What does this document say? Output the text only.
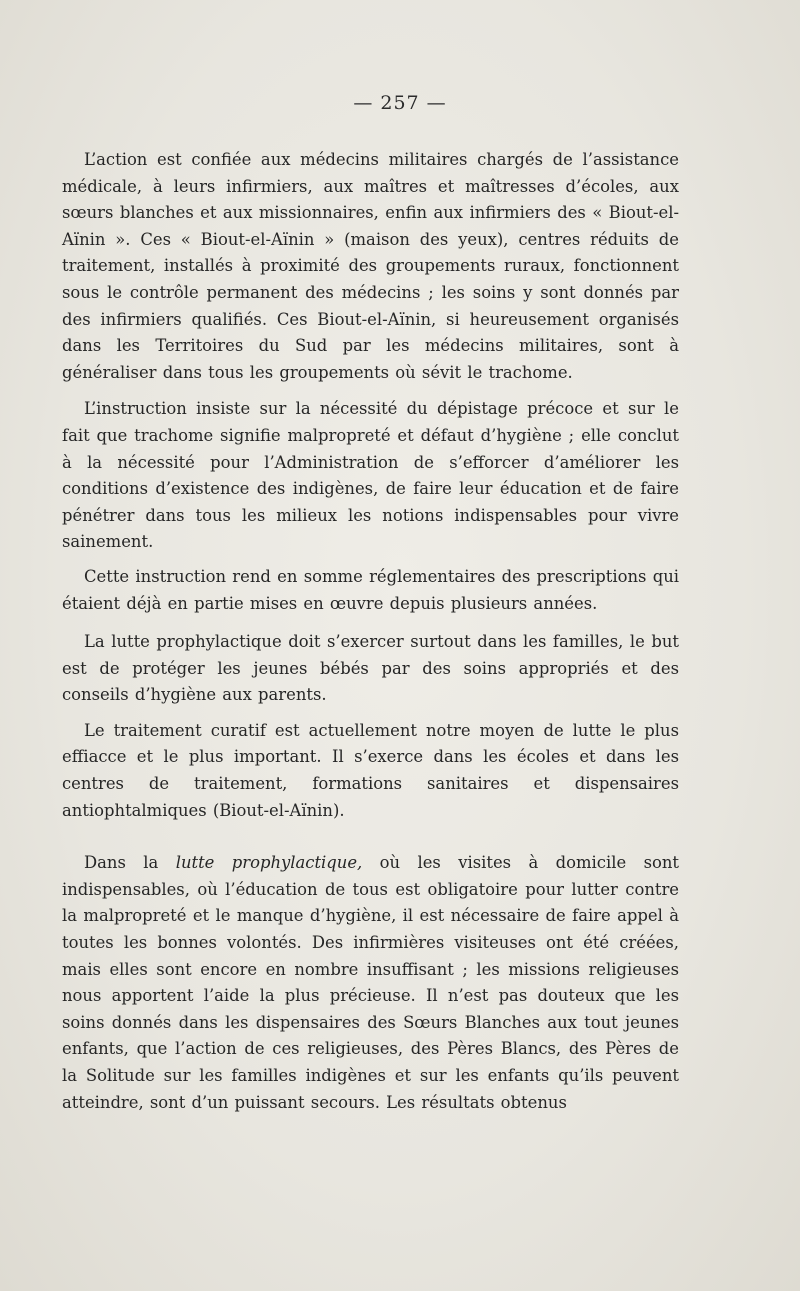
— 257 —

L’action est confiée aux médecins militaires chargés de l’assistance médicale, à leurs infirmiers, aux maîtres et maîtresses d’écoles, aux sœurs blanches et aux missionnaires, enfin aux infirmiers des « Biout-el-Aïnin ». Ces « Biout-el-Aïnin » (maison des yeux), centres réduits de traitement, installés à proximité des groupements ruraux, fonctionnent sous le contrôle permanent des médecins ; les soins y sont donnés par des infirmiers qualifiés. Ces Biout-el-Aïnin, si heureusement organisés dans les Territoires du Sud par les médecins militaires, sont à généraliser dans tous les groupements où sévit le trachome.

L’instruction insiste sur la nécessité du dépistage précoce et sur le fait que trachome signifie malpropreté et défaut d’hygiène ; elle conclut à la nécessité pour l’Administration de s’efforcer d’améliorer les conditions d’existence des indigènes, de faire leur éducation et de faire pénétrer dans tous les milieux les notions indispensables pour vivre sainement.

Cette instruction rend en somme réglementaires des prescriptions qui étaient déjà en partie mises en œuvre depuis plusieurs années.

La lutte prophylactique doit s’exercer surtout dans les familles, le but est de protéger les jeunes bébés par des soins appropriés et des conseils d’hygiène aux parents.

Le traitement curatif est actuellement notre moyen de lutte le plus effiacce et le plus important. Il s’exerce dans les écoles et dans les centres de traitement, formations sanitaires et dispensaires antiophtalmiques (Biout-el-Aïnin).

Dans la lutte prophylactique, où les visites à domicile sont indispensables, où l’éducation de tous est obligatoire pour lutter contre la malpropreté et le manque d’hygiène, il est nécessaire de faire appel à toutes les bonnes volontés. Des infirmières visiteuses ont été créées, mais elles sont encore en nombre insuffisant ; les missions religieuses nous apportent l’aide la plus précieuse. Il n’est pas douteux que les soins donnés dans les dispensaires des Sœurs Blanches aux tout jeunes enfants, que l’action de ces religieuses, des Pères Blancs, des Pères de la Solitude sur les familles indigènes et sur les enfants qu’ils peuvent atteindre, sont d’un puissant secours. Les résultats obtenus
